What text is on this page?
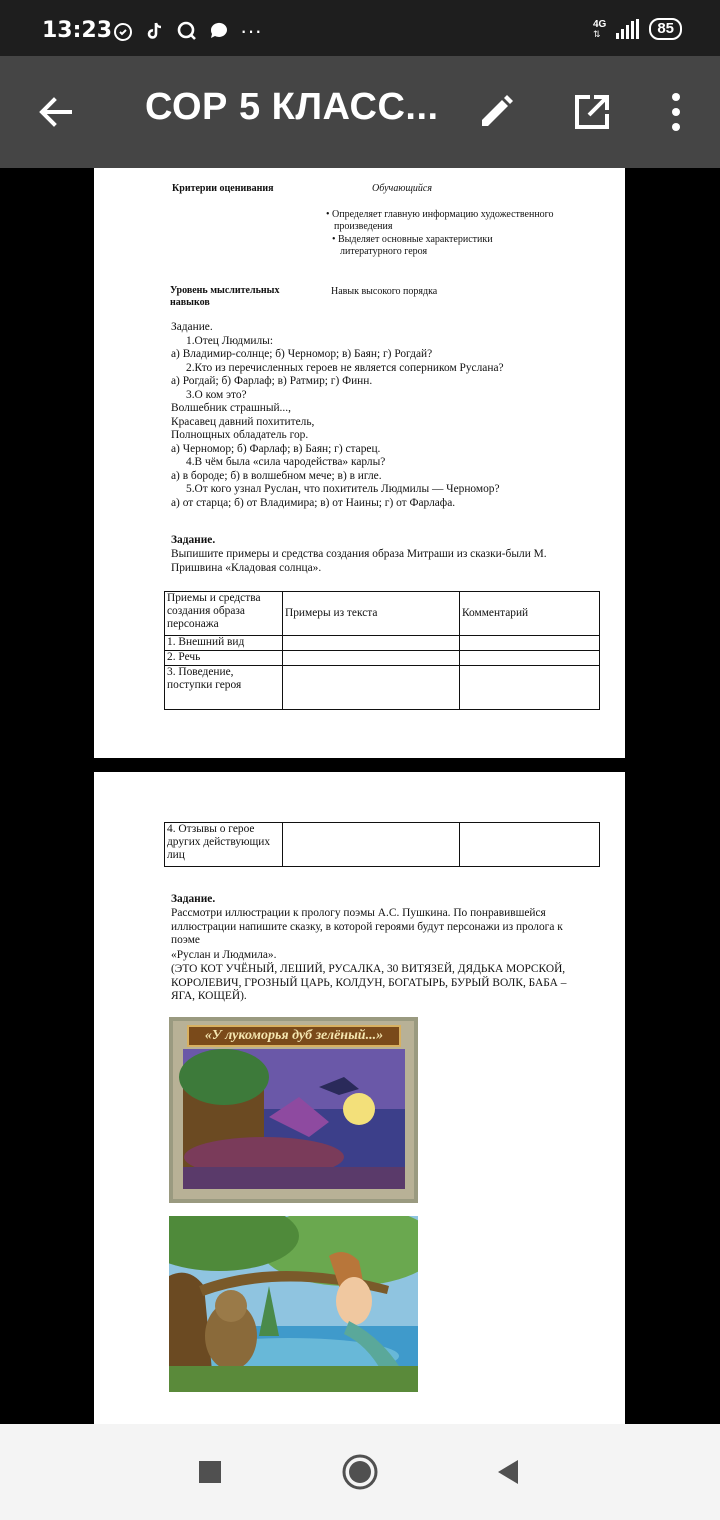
13:23	···	4G
⇅	85
СОР 5 КЛАСС...
Критерии оценивания	Обучающийся
• Определяет главную информацию художественного произведения
• Выделяет основные характеристики литературного героя
Уровень мыслительных навыков
Навык высокого порядка
Задание.
1.Отец Людмилы:
а) Владимир-солнце; б) Черномор; в) Баян; г) Рогдай?
2.Кто из перечисленных героев не является соперником Руслана?
а) Рогдай; б) Фарлаф; в) Ратмир; г) Финн.
3.О ком это?
Волшебник страшный...,
Красавец давний похититель,
Полнощных обладатель гор.
а) Черномор; б) Фарлаф; в) Баян; г) старец.
4.В чём была «сила чародейства» карлы?
а) в бороде; б) в волшебном мече; в) в игле.
5.От кого узнал Руслан, что похититель Людмилы — Черномор?
а) от старца; б) от Владимира; в) от Наины; г) от Фарлафа.
Задание.
Выпишите примеры и средства создания образа Митраши из сказки-были М. Пришвина «Кладовая солнца».
Приемы и средства создания образа персонажа	Примеры из текста	Комментарий
1. Внешний вид		
2. Речь		
3. Поведение, поступки героя		
4. Отзывы о герое других действующих лиц		
Задание.
Рассмотри иллюстрации к прологу поэмы А.С. Пушкина. По понравившейся иллюстрации напишите сказку, в которой героями будут персонажи из пролога к поэме
«Руслан и Людмила».
(ЭТО КОТ УЧЁНЫЙ, ЛЕШИЙ, РУСАЛКА, 30 ВИТЯЗЕЙ, ДЯДЬКА МОРСКОЙ, КОРОЛЕВИЧ, ГРОЗНЫЙ ЦАРЬ, КОЛДУН, БОГАТЫРЬ, БУРЫЙ ВОЛК, БАБА – ЯГА, КОЩЕЙ).
«У лукоморья дуб зелёный...»
